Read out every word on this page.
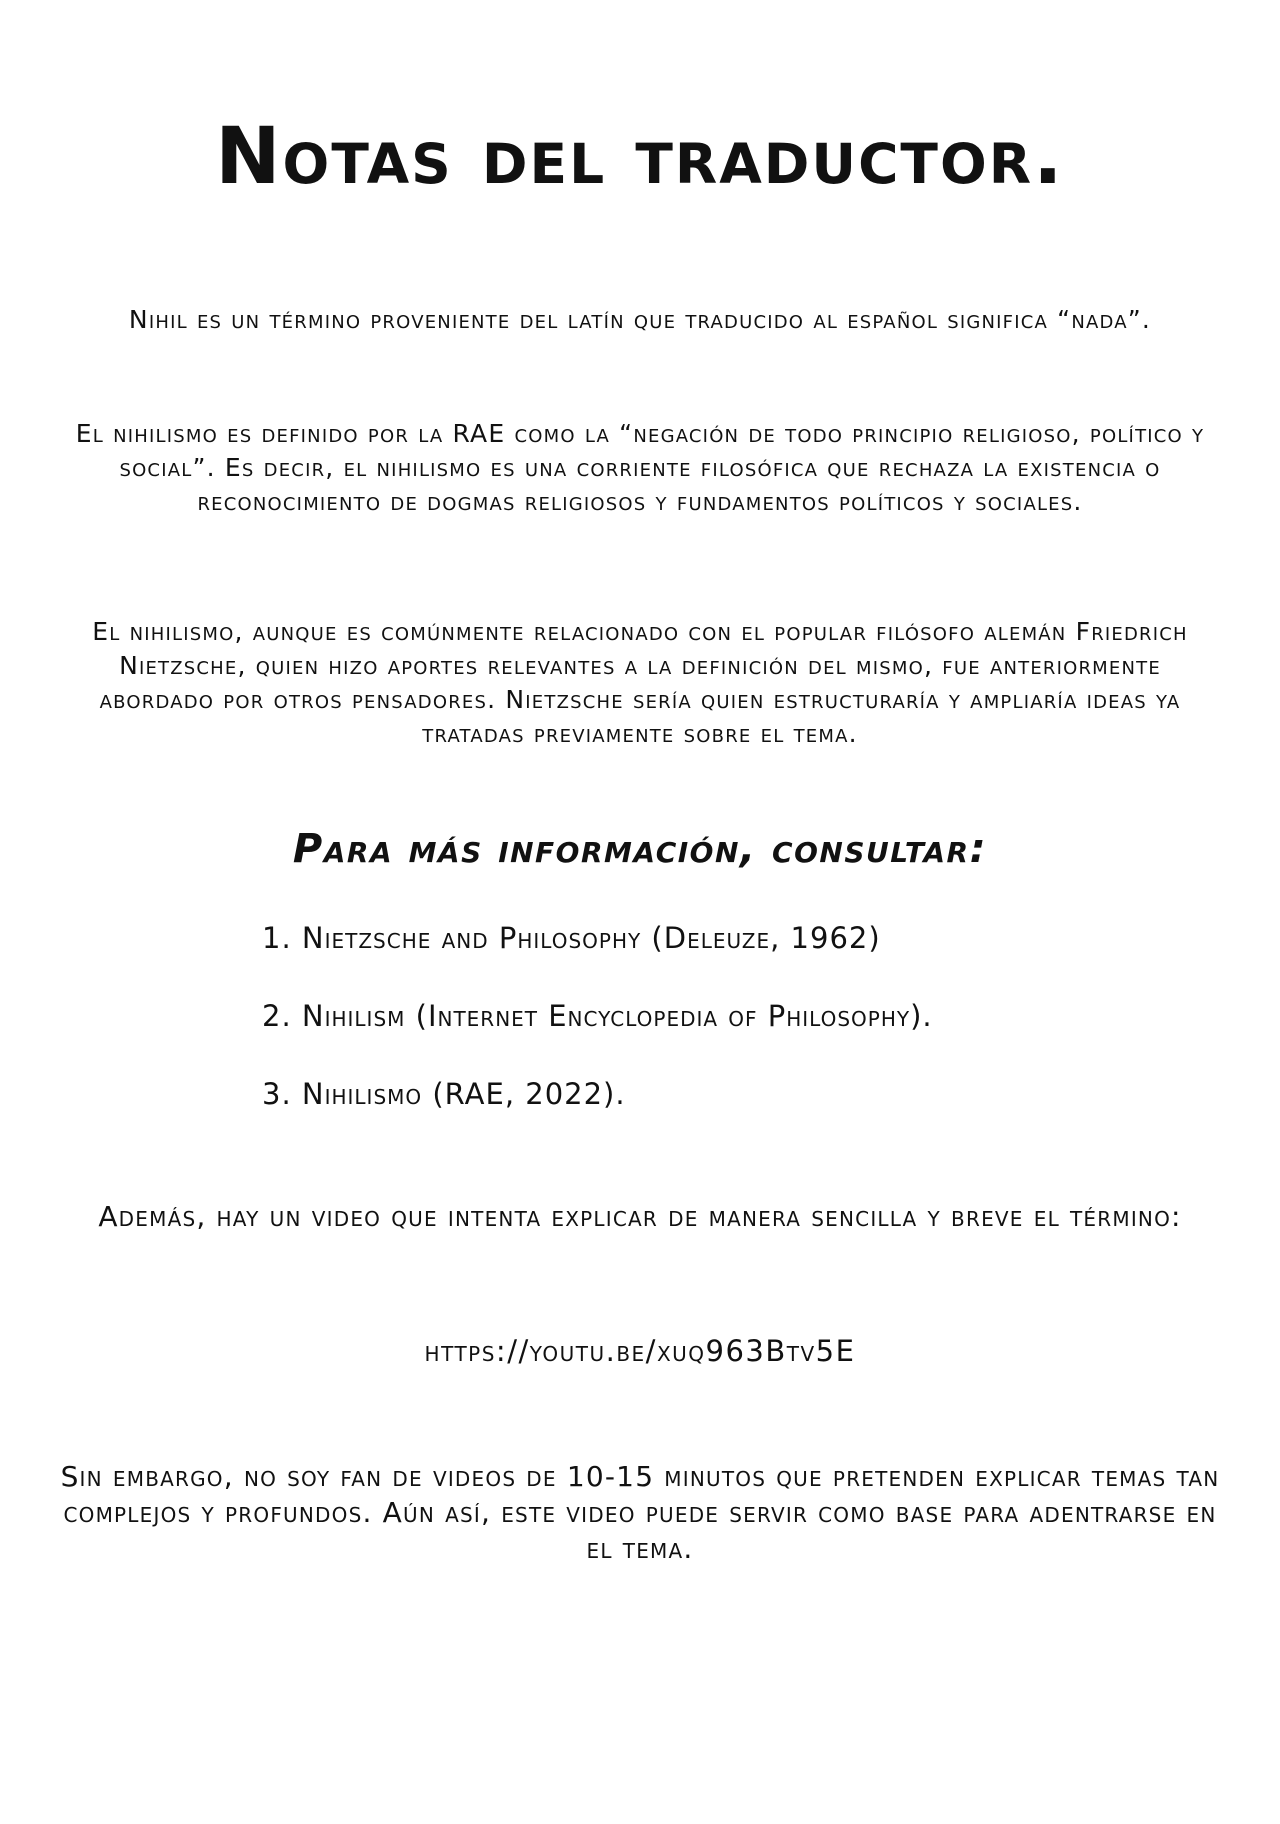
Notas del traductor.

Nihil es un término proveniente del latín que traducido al español significa “nada”.

El nihilismo es definido por la RAE como la “negación de todo principio religioso, político y social”. Es decir, el nihilismo es una corriente filosófica que rechaza la existencia o reconocimiento de dogmas religiosos y fundamentos políticos y sociales.

El nihilismo, aunque es comúnmente relacionado con el popular filósofo alemán Friedrich Nietzsche, quien hizo aportes relevantes a la definición del mismo, fue anteriormente abordado por otros pensadores. Nietzsche sería quien estructuraría y ampliaría ideas ya tratadas previamente sobre el tema.

Para más información, consultar:
1. Nietzsche and Philosophy (Deleuze, 1962)
2. Nihilism (Internet Encyclopedia of Philosophy).
3. Nihilismo (RAE, 2022).

Además, hay un video que intenta explicar de manera sencilla y breve el término:

https://youtu.be/xuq963Btv5E

Sin embargo, no soy fan de videos de 10-15 minutos que pretenden explicar temas tan complejos y profundos. Aún así, este video puede servir como base para adentrarse en el tema.
